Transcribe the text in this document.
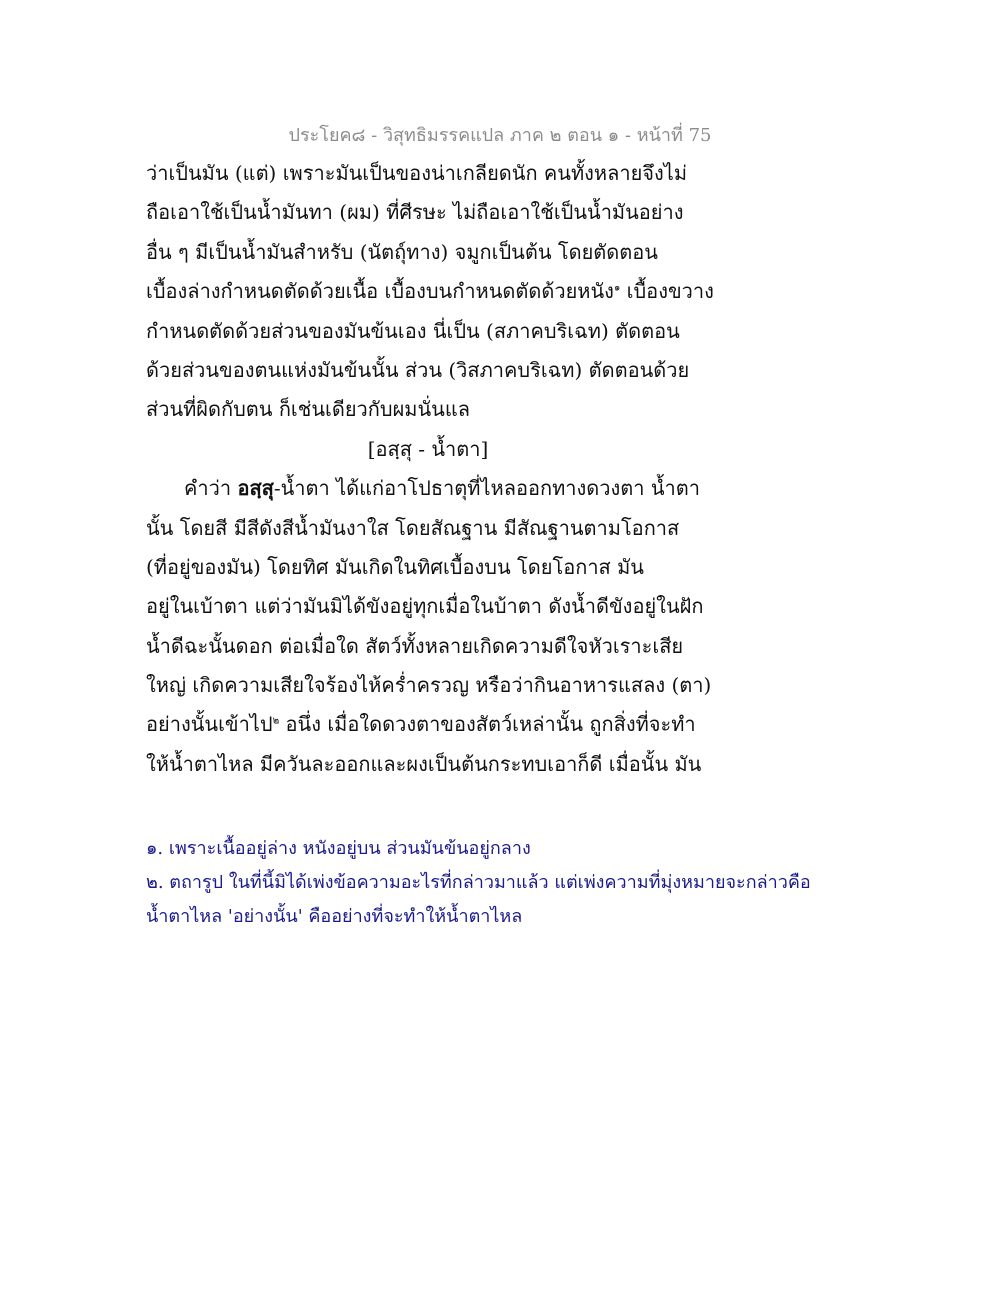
ประโยค๘ - วิสุทธิมรรคแปล ภาค ๒ ตอน ๑ - หน้าที่ 75
ว่าเป็นมัน (แต่) เพราะมันเป็นของน่าเกลียดนัก คนทั้งหลายจึงไม่
ถือเอาใช้เป็นน้ำมันทา (ผม) ที่ศีรษะ ไม่ถือเอาใช้เป็นน้ำมันอย่าง
อื่น ๆ มีเป็นน้ำมันสำหรับ (นัตถุ์ทาง) จมูกเป็นต้น โดยตัดตอน
เบื้องล่างกำหนดตัดด้วยเนื้อ เบื้องบนกำหนดตัดด้วยหนัง$^๑$ เบื้องขวาง
กำหนดตัดด้วยส่วนของมันข้นเอง นี่เป็น (สภาคบริเฉท) ตัดตอน
ด้วยส่วนของตนแห่งมันข้นนั้น ส่วน (วิสภาคบริเฉท) ตัดตอนด้วย
ส่วนที่ผิดกับตน ก็เช่นเดียวกับผมนั่นแล
[อสฺสุ - น้ำตา]
คำว่า อสฺสุ-น้ำตา ได้แก่อาโปธาตุที่ไหลออกทางดวงตา น้ำตา
นั้น โดยสี มีสีดังสีน้ำมันงาใส โดยสัณฐาน มีสัณฐานตามโอกาส
(ที่อยู่ของมัน) โดยทิศ มันเกิดในทิศเบื้องบน โดยโอกาส มัน
อยู่ในเบ้าตา แต่ว่ามันมิได้ขังอยู่ทุกเมื่อในบ้าตา ดังน้ำดีขังอยู่ในฝัก
น้ำดีฉะนั้นดอก ต่อเมื่อใด สัตว์ทั้งหลายเกิดความดีใจหัวเราะเสีย
ใหญ่ เกิดความเสียใจร้องไห้คร่ำครวญ หรือว่ากินอาหารแสลง (ตา)
อย่างนั้นเข้าไป$^๒$ อนึ่ง เมื่อใดดวงตาของสัตว์เหล่านั้น ถูกสิ่งที่จะทำ
ให้น้ำตาไหล มีควันละออกและผงเป็นต้นกระทบเอาก็ดี เมื่อนั้น มัน
๑. เพราะเนื้ออยู่ล่าง หนังอยู่บน ส่วนมันข้นอยู่กลาง
๒. ตถารูป ในที่นี้มิได้เพ่งข้อความอะไรที่กล่าวมาแล้ว แต่เพ่งความที่มุ่งหมายจะกล่าวคือ
น้ำตาไหล 'อย่างนั้น' คืออย่างที่จะทำให้น้ำตาไหล
